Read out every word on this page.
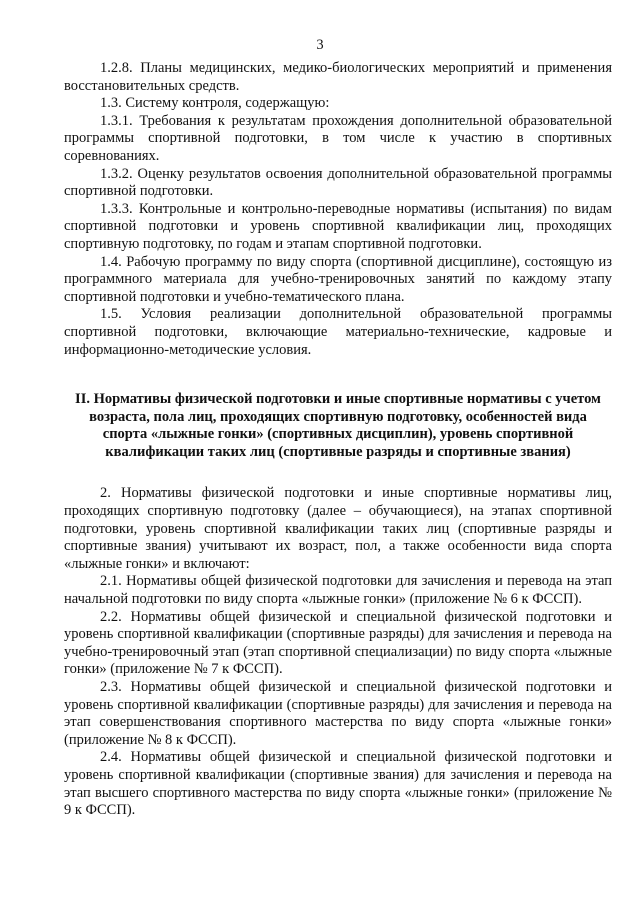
3

1.2.8. Планы медицинских, медико-биологических мероприятий и применения восстановительных средств.

1.3. Систему контроля, содержащую:

1.3.1. Требования к результатам прохождения дополнительной образовательной программы спортивной подготовки, в том числе к участию в спортивных соревнованиях.

1.3.2. Оценку результатов освоения дополнительной образовательной программы спортивной подготовки.

1.3.3. Контрольные и контрольно-переводные нормативы (испытания) по видам спортивной подготовки и уровень спортивной квалификации лиц, проходящих спортивную подготовку, по годам и этапам спортивной подготовки.

1.4. Рабочую программу по виду спорта (спортивной дисциплине), состоящую из программного материала для учебно-тренировочных занятий по каждому этапу спортивной подготовки и учебно-тематического плана.

1.5. Условия реализации дополнительной образовательной программы спортивной подготовки, включающие материально-технические, кадровые и информационно-методические условия.

II. Нормативы физической подготовки и иные спортивные нормативы с учетом возраста, пола лиц, проходящих спортивную подготовку, особенностей вида спорта «лыжные гонки» (спортивных дисциплин), уровень спортивной квалификации таких лиц (спортивные разряды и спортивные звания)

2. Нормативы физической подготовки и иные спортивные нормативы лиц, проходящих спортивную подготовку (далее – обучающиеся), на этапах спортивной подготовки, уровень спортивной квалификации таких лиц (спортивные разряды и спортивные звания) учитывают их возраст, пол, а также особенности вида спорта «лыжные гонки» и включают:

2.1. Нормативы общей физической подготовки для зачисления и перевода на этап начальной подготовки по виду спорта «лыжные гонки» (приложение № 6 к ФССП).

2.2. Нормативы общей физической и специальной физической подготовки и уровень спортивной квалификации (спортивные разряды) для зачисления и перевода на учебно-тренировочный этап (этап спортивной специализации) по виду спорта «лыжные гонки» (приложение № 7 к ФССП).

2.3. Нормативы общей физической и специальной физической подготовки и уровень спортивной квалификации (спортивные разряды) для зачисления и перевода на этап совершенствования спортивного мастерства по виду спорта «лыжные гонки» (приложение № 8 к ФССП).

2.4. Нормативы общей физической и специальной физической подготовки и уровень спортивной квалификации (спортивные звания) для зачисления и перевода на этап высшего спортивного мастерства по виду спорта «лыжные гонки» (приложение № 9 к ФССП).
